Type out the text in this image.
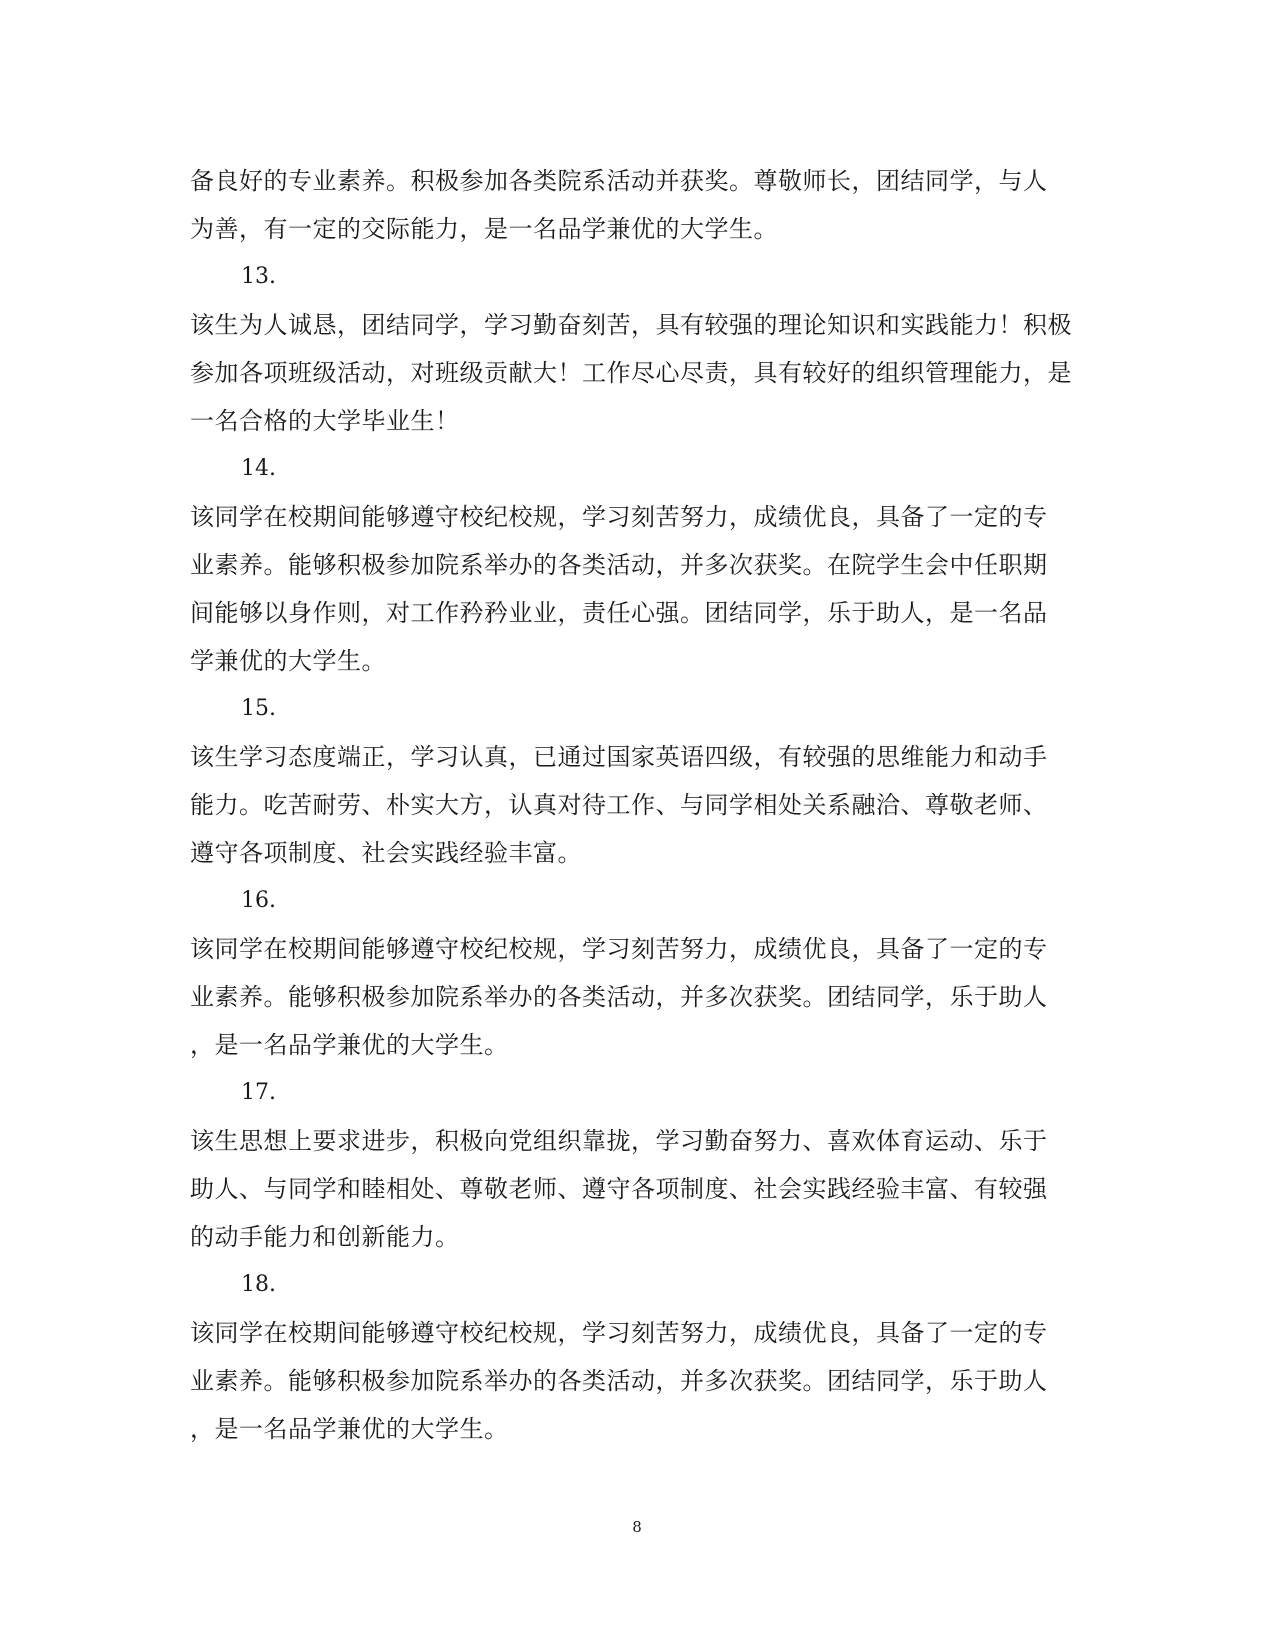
备良好的专业素养。积极参加各类院系活动并获奖。尊敬师长，团结同学，与人
为善，有一定的交际能力，是一名品学兼优的大学生。
13.
该生为人诚恳，团结同学，学习勤奋刻苦，具有较强的理论知识和实践能力！积极
参加各项班级活动，对班级贡献大！工作尽心尽责，具有较好的组织管理能力，是
一名合格的大学毕业生！
14.
该同学在校期间能够遵守校纪校规，学习刻苦努力，成绩优良，具备了一定的专
业素养。能够积极参加院系举办的各类活动，并多次获奖。在院学生会中任职期
间能够以身作则，对工作矜矜业业，责任心强。团结同学，乐于助人，是一名品
学兼优的大学生。
15.
该生学习态度端正，学习认真，已通过国家英语四级，有较强的思维能力和动手
能力。吃苦耐劳、朴实大方，认真对待工作、与同学相处关系融洽、尊敬老师、
遵守各项制度、社会实践经验丰富。
16.
该同学在校期间能够遵守校纪校规，学习刻苦努力，成绩优良，具备了一定的专
业素养。能够积极参加院系举办的各类活动，并多次获奖。团结同学，乐于助人
，是一名品学兼优的大学生。
17.
该生思想上要求进步，积极向党组织靠拢，学习勤奋努力、喜欢体育运动、乐于
助人、与同学和睦相处、尊敬老师、遵守各项制度、社会实践经验丰富、有较强
的动手能力和创新能力。
18.
该同学在校期间能够遵守校纪校规，学习刻苦努力，成绩优良，具备了一定的专
业素养。能够积极参加院系举办的各类活动，并多次获奖。团结同学，乐于助人
，是一名品学兼优的大学生。
8
